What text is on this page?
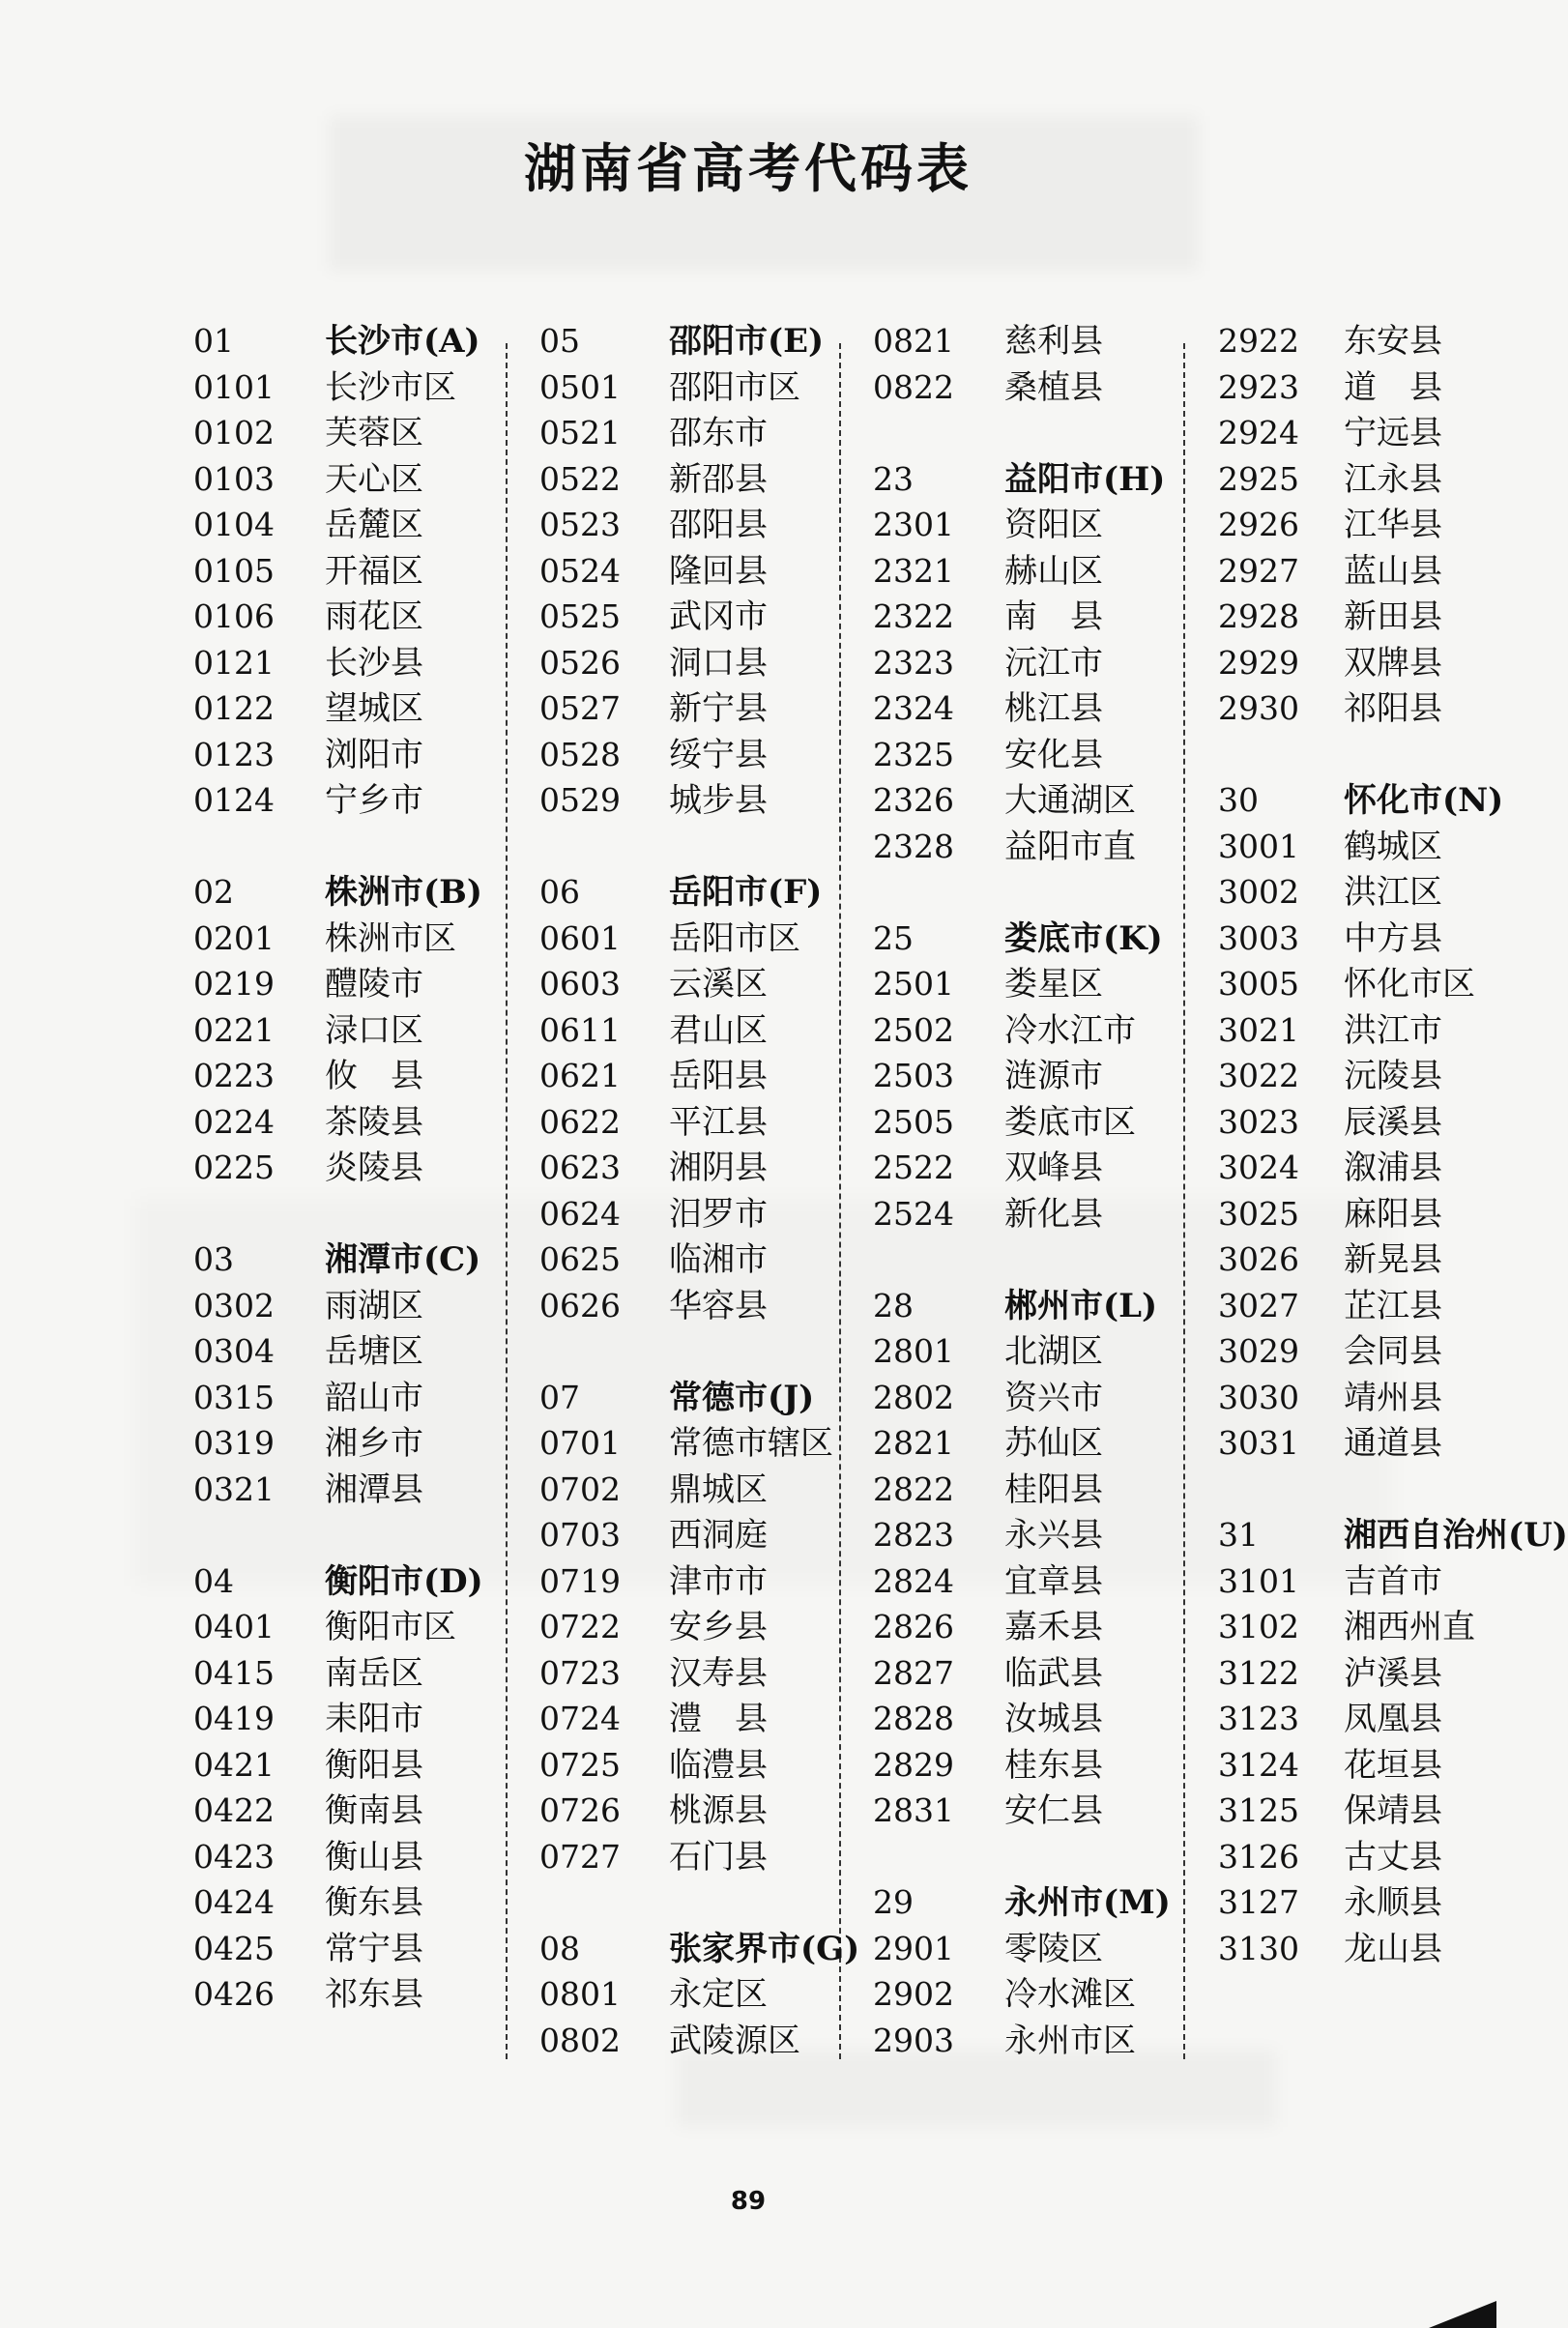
湖南省高考代码表
01	长沙市(A)
0101 长沙市区
0102 芙蓉区
0103 天心区
0104 岳麓区
0105 开福区
0106 雨花区
0121 长沙县
0122 望城区
0123 浏阳市
0124 宁乡市
02	株洲市(B)
0201 株洲市区
0219 醴陵市
0221 渌口区
0223 攸　县
0224 茶陵县
0225 炎陵县
03	湘潭市(C)
0302 雨湖区
0304 岳塘区
0315 韶山市
0319 湘乡市
0321 湘潭县
04	衡阳市(D)
0401 衡阳市区
0415 南岳区
0419 耒阳市
0421 衡阳县
0422 衡南县
0423 衡山县
0424 衡东县
0425 常宁县
0426 祁东县
05	邵阳市(E)
0501 邵阳市区
0521 邵东市
0522 新邵县
0523 邵阳县
0524 隆回县
0525 武冈市
0526 洞口县
0527 新宁县
0528 绥宁县
0529 城步县
06	岳阳市(F)
0601 岳阳市区
0603 云溪区
0611 君山区
0621 岳阳县
0622 平江县
0623 湘阴县
0624 汨罗市
0625 临湘市
0626 华容县
07	常德市(J)
0701 常德市辖区
0702 鼎城区
0703 西洞庭
0719 津市市
0722 安乡县
0723 汉寿县
0724 澧　县
0725 临澧县
0726 桃源县
0727 石门县
08	张家界市(G)
0801 永定区
0802 武陵源区
0821 慈利县
0822 桑植县
23	益阳市(H)
2301 资阳区
2321 赫山区
2322 南　县
2323 沅江市
2324 桃江县
2325 安化县
2326 大通湖区
2328 益阳市直
25	娄底市(K)
2501 娄星区
2502 冷水江市
2503 涟源市
2505 娄底市区
2522 双峰县
2524 新化县
28	郴州市(L)
2801 北湖区
2802 资兴市
2821 苏仙区
2822 桂阳县
2823 永兴县
2824 宜章县
2826 嘉禾县
2827 临武县
2828 汝城县
2829 桂东县
2831 安仁县
29	永州市(M)
2901 零陵区
2902 冷水滩区
2903 永州市区
2922 东安县
2923 道　县
2924 宁远县
2925 江永县
2926 江华县
2927 蓝山县
2928 新田县
2929 双牌县
2930 祁阳县
30	怀化市(N)
3001 鹤城区
3002 洪江区
3003 中方县
3005 怀化市区
3021 洪江市
3022 沅陵县
3023 辰溪县
3024 溆浦县
3025 麻阳县
3026 新晃县
3027 芷江县
3029 会同县
3030 靖州县
3031 通道县
31	湘西自治州(U)
3101 吉首市
3102 湘西州直
3122 泸溪县
3123 凤凰县
3124 花垣县
3125 保靖县
3126 古丈县
3127 永顺县
3130 龙山县
89
